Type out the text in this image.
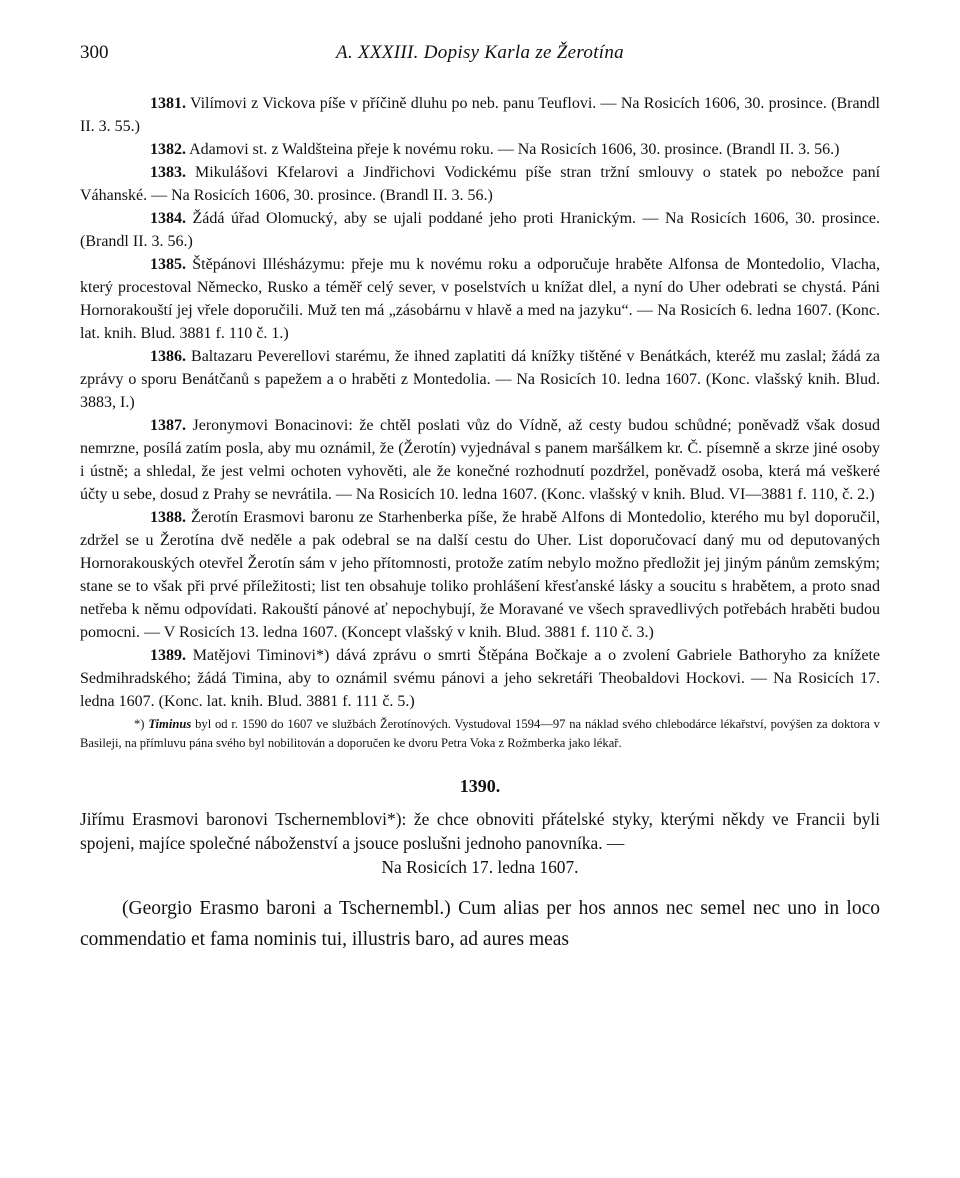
300	A. XXXIII. Dopisy Karla ze Žerotína

1381. Vilímovi z Vickova píše v příčině dluhu po neb. panu Teuflovi. — Na Rosicích 1606, 30. prosince. (Brandl II. 3. 55.)

1382. Adamovi st. z Waldšteina přeje k novému roku. — Na Rosicích 1606, 30. prosince. (Brandl II. 3. 56.)

1383. Mikulášovi Kfelarovi a Jindřichovi Vodickému píše stran tržní smlouvy o statek po nebožce paní Váhanské. — Na Rosicích 1606, 30. prosince. (Brandl II. 3. 56.)

1384. Žádá úřad Olomucký, aby se ujali poddané jeho proti Hranickým. — Na Rosicích 1606, 30. prosince. (Brandl II. 3. 56.)

1385. Štěpánovi Illésházymu: přeje mu k novému roku a odporučuje hraběte Alfonsa de Montedolio, Vlacha, který procestoval Německo, Rusko a téměř celý sever, v poselstvích u knížat dlel, a nyní do Uher odebrati se chystá. Páni Hornorakouští jej vřele doporučili. Muž ten má „zásobárnu v hlavě a med na jazyku“. — Na Rosicích 6. ledna 1607. (Konc. lat. knih. Blud. 3881 f. 110 č. 1.)

1386. Baltazaru Peverellovi starému, že ihned zaplatiti dá knížky tištěné v Benátkách, kteréž mu zaslal; žádá za zprávy o sporu Benátčanů s papežem a o hraběti z Montedolia. — Na Rosicích 10. ledna 1607. (Konc. vlašský knih. Blud. 3883, I.)

1387. Jeronymovi Bonacinovi: že chtěl poslati vůz do Vídně, až cesty budou schůdné; poněvadž však dosud nemrzne, posílá zatím posla, aby mu oznámil, že (Žerotín) vyjednával s panem maršálkem kr. Č. písemně a skrze jiné osoby i ústně; a shledal, že jest velmi ochoten vyhověti, ale že konečné rozhodnutí pozdržel, poněvadž osoba, která má veškeré účty u sebe, dosud z Prahy se nevrátila. — Na Rosicích 10. ledna 1607. (Konc. vlašský v knih. Blud. VI—3881 f. 110, č. 2.)

1388. Žerotín Erasmovi baronu ze Starhenberka píše, že hrabě Alfons di Montedolio, kterého mu byl doporučil, zdržel se u Žerotína dvě neděle a pak odebral se na další cestu do Uher. List doporučovací daný mu od deputovaných Hornorakouských otevřel Žerotín sám v jeho přítomnosti, protože zatím nebylo možno předložit jej jiným pánům zemským; stane se to však při prvé příležitosti; list ten obsahuje toliko prohlášení křesťanské lásky a soucitu s hrabětem, a proto snad netřeba k němu odpovídati. Rakouští pánové ať nepochybují, že Moravané ve všech spravedlivých potřebách hraběti budou pomocni. — V Rosicích 13. ledna 1607. (Koncept vlašský v knih. Blud. 3881 f. 110 č. 3.)

1389. Matějovi Timinovi*) dává zprávu o smrti Štěpána Bočkaje a o zvolení Gabriele Bathoryho za knížete Sedmihradského; žádá Timina, aby to oznámil svému pánovi a jeho sekretáři Theobaldovi Hockovi. — Na Rosicích 17. ledna 1607. (Konc. lat. knih. Blud. 3881 f. 111 č. 5.)

*) Timinus byl od r. 1590 do 1607 ve službách Žerotínových. Vystudoval 1594—97 na náklad svého chlebodárce lékařství, povýšen za doktora v Basileji, na přímluvu pána svého byl nobilitován a doporučen ke dvoru Petra Voka z Rožmberka jako lékař.

1390.

Jiřímu Erasmovi baronovi Tschernemblovi*): že chce obnoviti přátelské styky, kterými někdy ve Francii byli spojeni, majíce společné náboženství a jsouce poslušni jednoho panovníka. —

Na Rosicích 17. ledna 1607.

(Georgio Erasmo baroni a Tschernembl.) Cum alias per hos annos nec semel nec uno in loco commendatio et fama nominis tui, illustris baro, ad aures meas
